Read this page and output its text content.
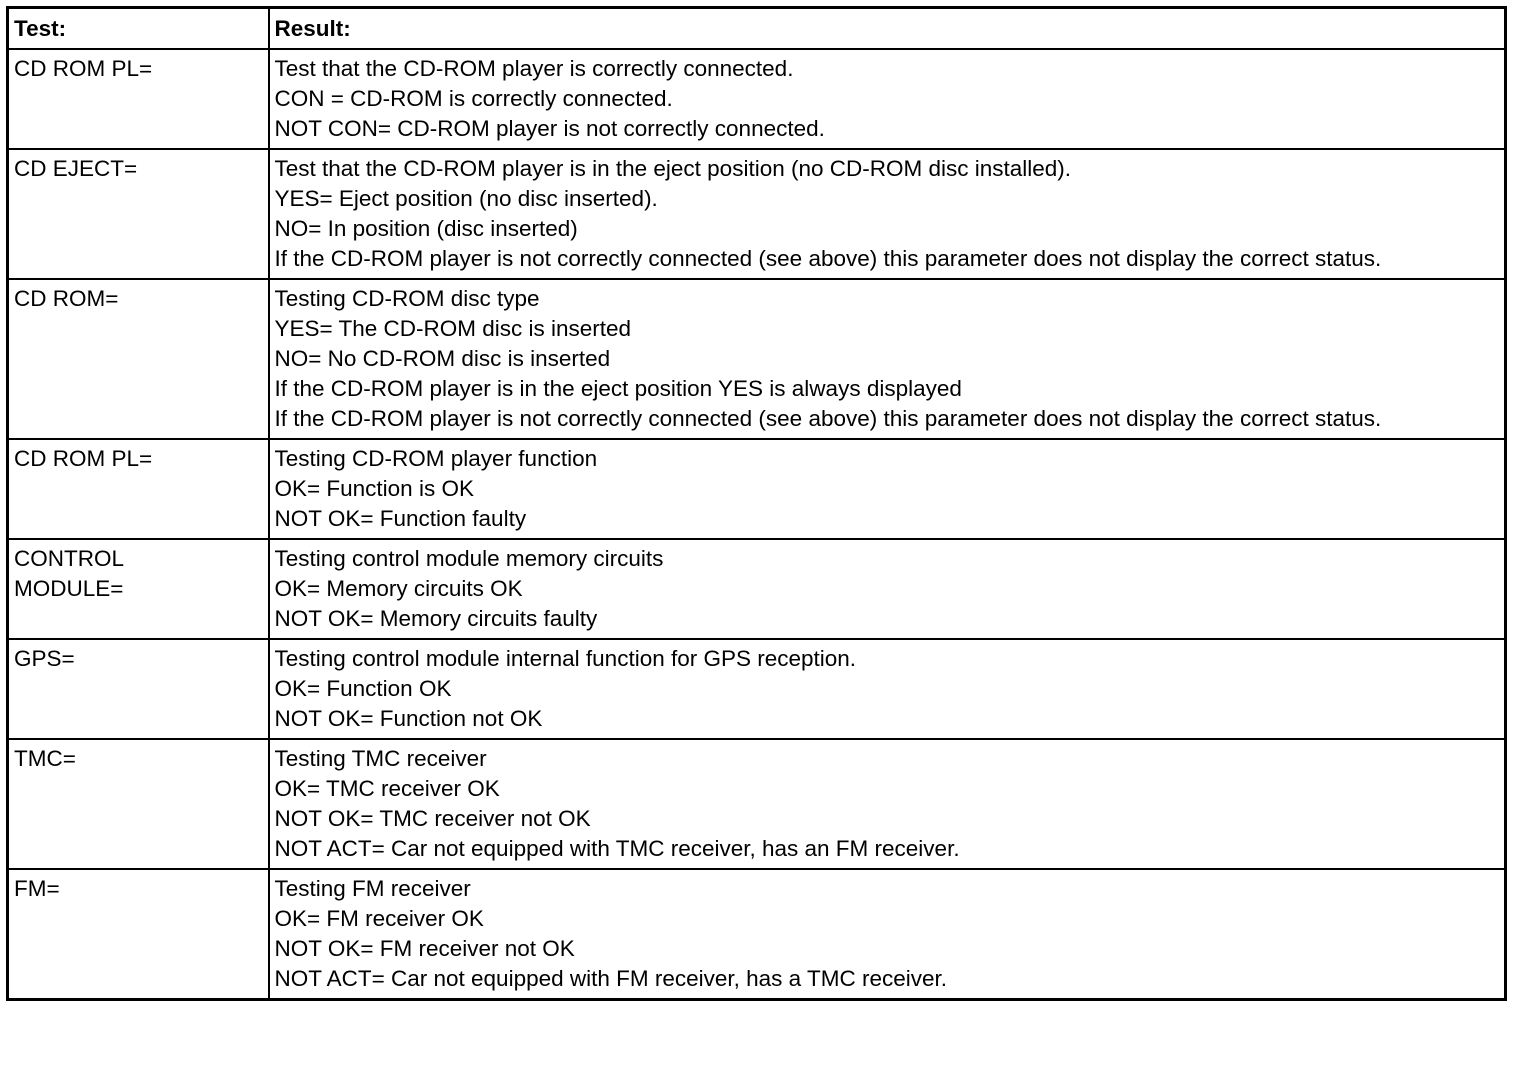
Test:	Result:
CD ROM PL=	Test that the CD-ROM player is correctly connected.
CON = CD-ROM is correctly connected.
NOT CON= CD-ROM player is not correctly connected.

CD EJECT=	Test that the CD-ROM player is in the eject position (no CD-ROM disc installed).
YES= Eject position (no disc inserted).
NO= In position (disc inserted)
If the CD-ROM player is not correctly connected (see above) this parameter does not display the correct status.

CD ROM=	Testing CD-ROM disc type
YES= The CD-ROM disc is inserted
NO= No CD-ROM disc is inserted
If the CD-ROM player is in the eject position YES is always displayed
If the CD-ROM player is not correctly connected (see above) this parameter does not display the correct status.

CD ROM PL=	Testing CD-ROM player function
OK= Function is OK
NOT OK= Function faulty

CONTROL
MODULE=	Testing control module memory circuits
OK= Memory circuits OK
NOT OK= Memory circuits faulty

GPS=	Testing control module internal function for GPS reception.
OK= Function OK
NOT OK= Function not OK

TMC=	Testing TMC receiver
OK= TMC receiver OK
NOT OK= TMC receiver not OK
NOT ACT= Car not equipped with TMC receiver, has an FM receiver.

FM=	Testing FM receiver
OK= FM receiver OK
NOT OK= FM receiver not OK
NOT ACT= Car not equipped with FM receiver, has a TMC receiver.
